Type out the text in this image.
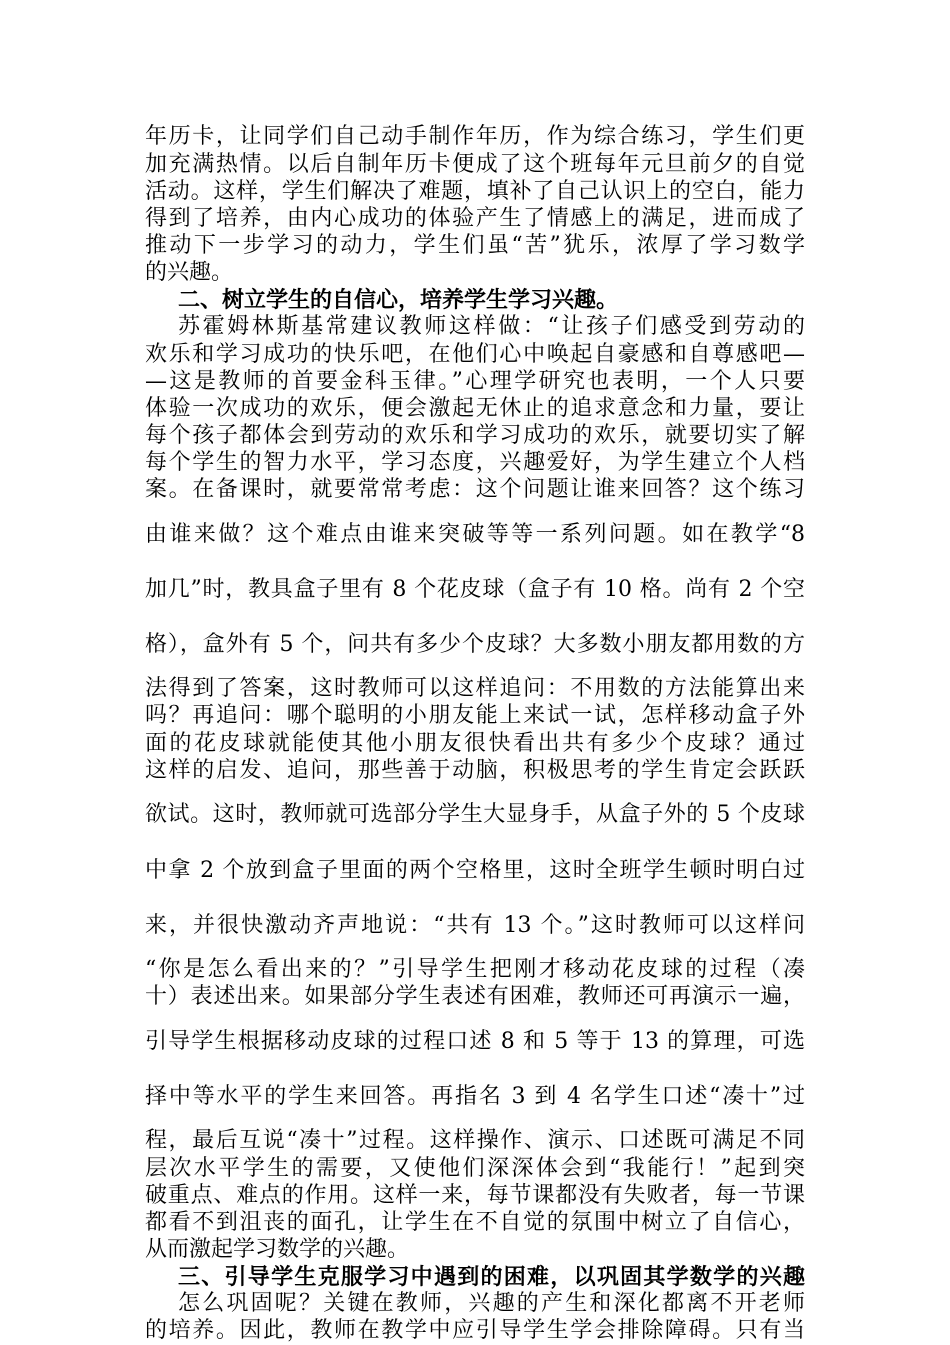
年历卡，让同学们自己动手制作年历，作为综合练习，学生们更
加充满热情。以后自制年历卡便成了这个班每年元旦前夕的自觉
活动。这样，学生们解决了难题，填补了自己认识上的空白，能力
得到了培养，由内心成功的体验产生了情感上的满足，进而成了
推动下一步学习的动力，学生们虽“苦”犹乐，浓厚了学习数学
的兴趣。
二、树立学生的自信心，培养学生学习兴趣。
苏霍姆林斯基常建议教师这样做：“让孩子们感受到劳动的
欢乐和学习成功的快乐吧，在他们心中唤起自豪感和自尊感吧—
—这是教师的首要金科玉律。”心理学研究也表明，一个人只要
体验一次成功的欢乐，便会激起无休止的追求意念和力量，要让
每个孩子都体会到劳动的欢乐和学习成功的欢乐，就要切实了解
每个学生的智力水平，学习态度，兴趣爱好，为学生建立个人档
案。在备课时，就要常常考虑：这个问题让谁来回答？这个练习
由谁来做？这个难点由谁来突破等等一系列问题。如在教学“8
加几”时，教具盒子里有 8 个花皮球（盒子有 10 格。尚有 2 个空
格），盒外有 5 个，问共有多少个皮球？大多数小朋友都用数的方
法得到了答案，这时教师可以这样追问：不用数的方法能算出来
吗？再追问：哪个聪明的小朋友能上来试一试，怎样移动盒子外
面的花皮球就能使其他小朋友很快看出共有多少个皮球？通过
这样的启发、追问，那些善于动脑，积极思考的学生肯定会跃跃
欲试。这时，教师就可选部分学生大显身手，从盒子外的 5 个皮球
中拿 2 个放到盒子里面的两个空格里，这时全班学生顿时明白过
来，并很快激动齐声地说：“共有 13 个。”这时教师可以这样问
“你是怎么看出来的？”引导学生把刚才移动花皮球的过程（凑
十）表述出来。如果部分学生表述有困难，教师还可再演示一遍，
引导学生根据移动皮球的过程口述 8 和 5 等于 13 的算理，可选
择中等水平的学生来回答。再指名 3 到 4 名学生口述“凑十”过
程，最后互说“凑十”过程。这样操作、演示、口述既可满足不同
层次水平学生的需要，又使他们深深体会到“我能行！”起到突
破重点、难点的作用。这样一来，每节课都没有失败者，每一节课
都看不到沮丧的面孔，让学生在不自觉的氛围中树立了自信心，
从而激起学习数学的兴趣。
三、引导学生克服学习中遇到的困难，以巩固其学数学的兴趣
怎么巩固呢？关键在教师，兴趣的产生和深化都离不开老师
的培养。因此，教师在教学中应引导学生学会排除障碍。只有当
